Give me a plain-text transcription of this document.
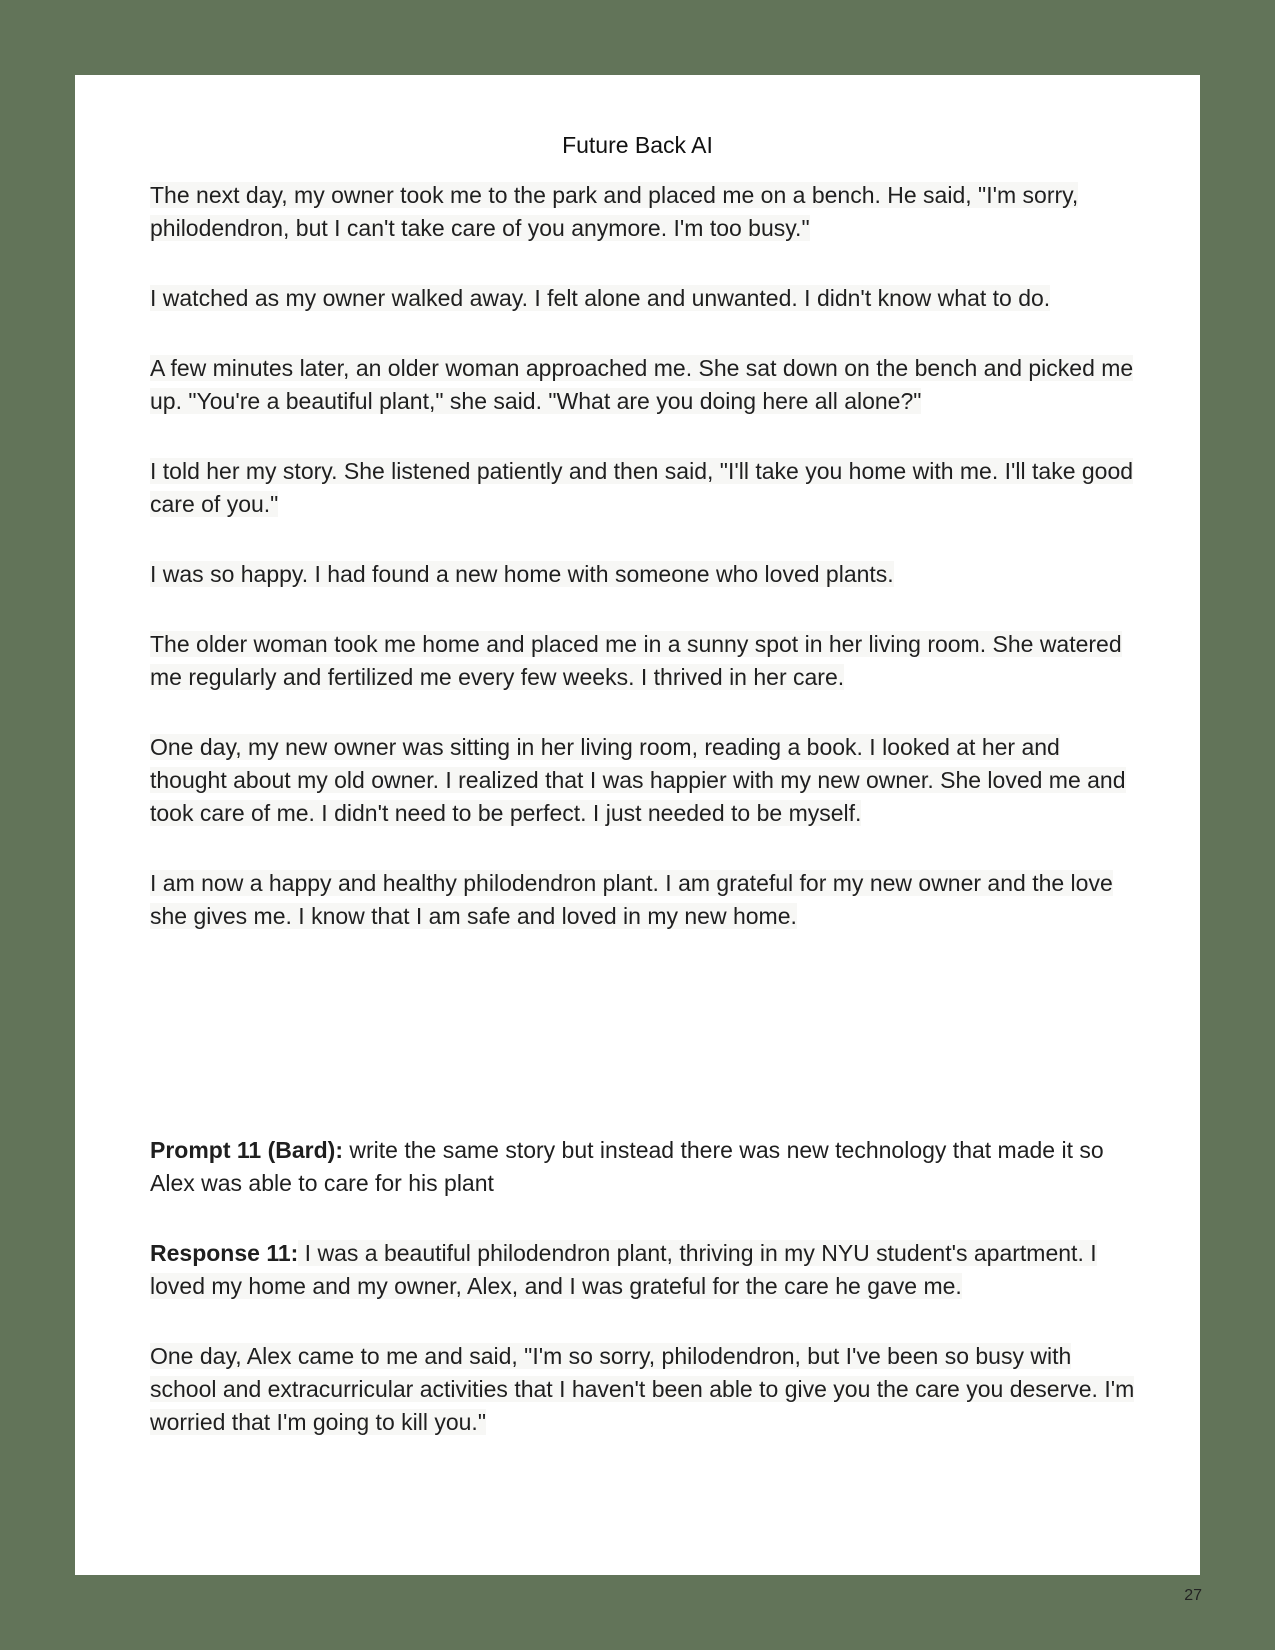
Future Back AI

The next day, my owner took me to the park and placed me on a bench. He said, "I'm sorry, philodendron, but I can't take care of you anymore. I'm too busy."

I watched as my owner walked away. I felt alone and unwanted. I didn't know what to do.

A few minutes later, an older woman approached me. She sat down on the bench and picked me up. "You're a beautiful plant," she said. "What are you doing here all alone?"

I told her my story. She listened patiently and then said, "I'll take you home with me. I'll take good care of you."

I was so happy. I had found a new home with someone who loved plants.

The older woman took me home and placed me in a sunny spot in her living room. She watered me regularly and fertilized me every few weeks. I thrived in her care.

One day, my new owner was sitting in her living room, reading a book. I looked at her and thought about my old owner. I realized that I was happier with my new owner. She loved me and took care of me. I didn't need to be perfect. I just needed to be myself.

I am now a happy and healthy philodendron plant. I am grateful for my new owner and the love she gives me. I know that I am safe and loved in my new home.

Prompt 11 (Bard): write the same story but instead there was new technology that made it so Alex was able to care for his plant

Response 11: I was a beautiful philodendron plant, thriving in my NYU student's apartment. I loved my home and my owner, Alex, and I was grateful for the care he gave me.

One day, Alex came to me and said, "I'm so sorry, philodendron, but I've been so busy with school and extracurricular activities that I haven't been able to give you the care you deserve. I'm worried that I'm going to kill you."

27
